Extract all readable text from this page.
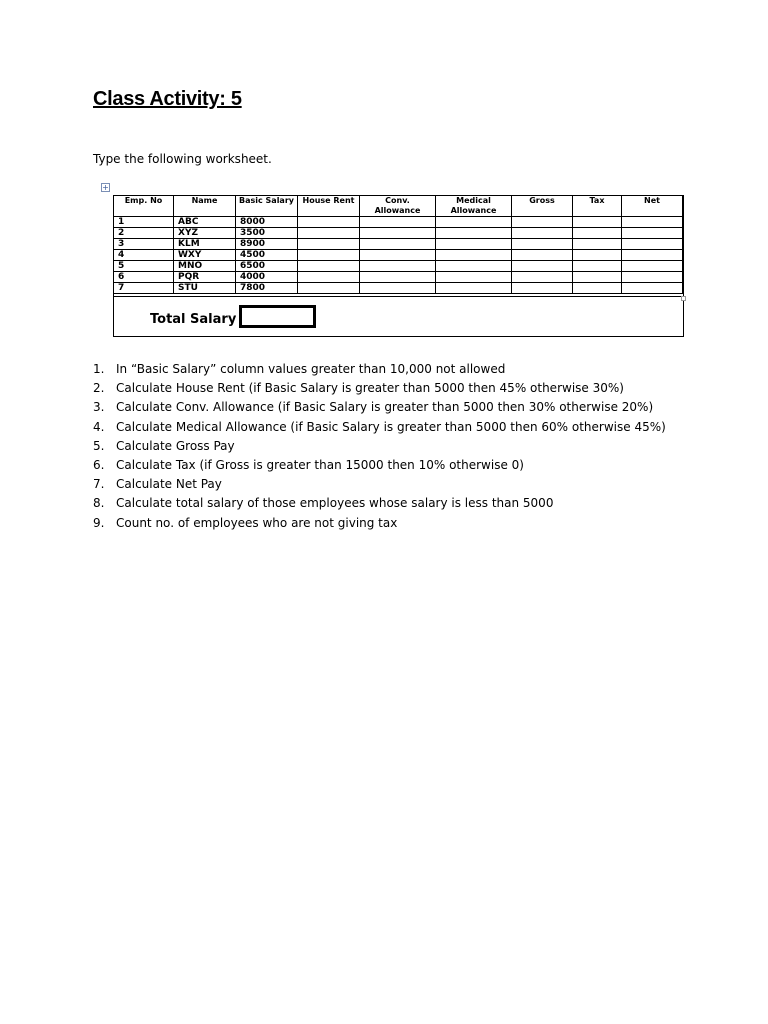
Class Activity: 5

Type the following worksheet.

+
Emp. No	Name	Basic Salary	House Rent	Conv. Allowance	Medical Allowance	Gross	Tax	Net
1	ABC	8000						
2	XYZ	3500						
3	KLM	8900						
4	WXY	4500						
5	MNO	6500						
6	PQR	4000						
7	STU	7800						
Total Salary
1. In “Basic Salary” column values greater than 10,000 not allowed
2. Calculate House Rent (if Basic Salary is greater than 5000 then 45% otherwise 30%)
3. Calculate Conv. Allowance (if Basic Salary is greater than 5000 then 30% otherwise 20%)
4. Calculate Medical Allowance (if Basic Salary is greater than 5000 then 60% otherwise 45%)
5. Calculate Gross Pay
6. Calculate Tax (if Gross is greater than 15000 then 10% otherwise 0)
7. Calculate Net Pay
8. Calculate total salary of those employees whose salary is less than 5000
9. Count no. of employees who are not giving tax
